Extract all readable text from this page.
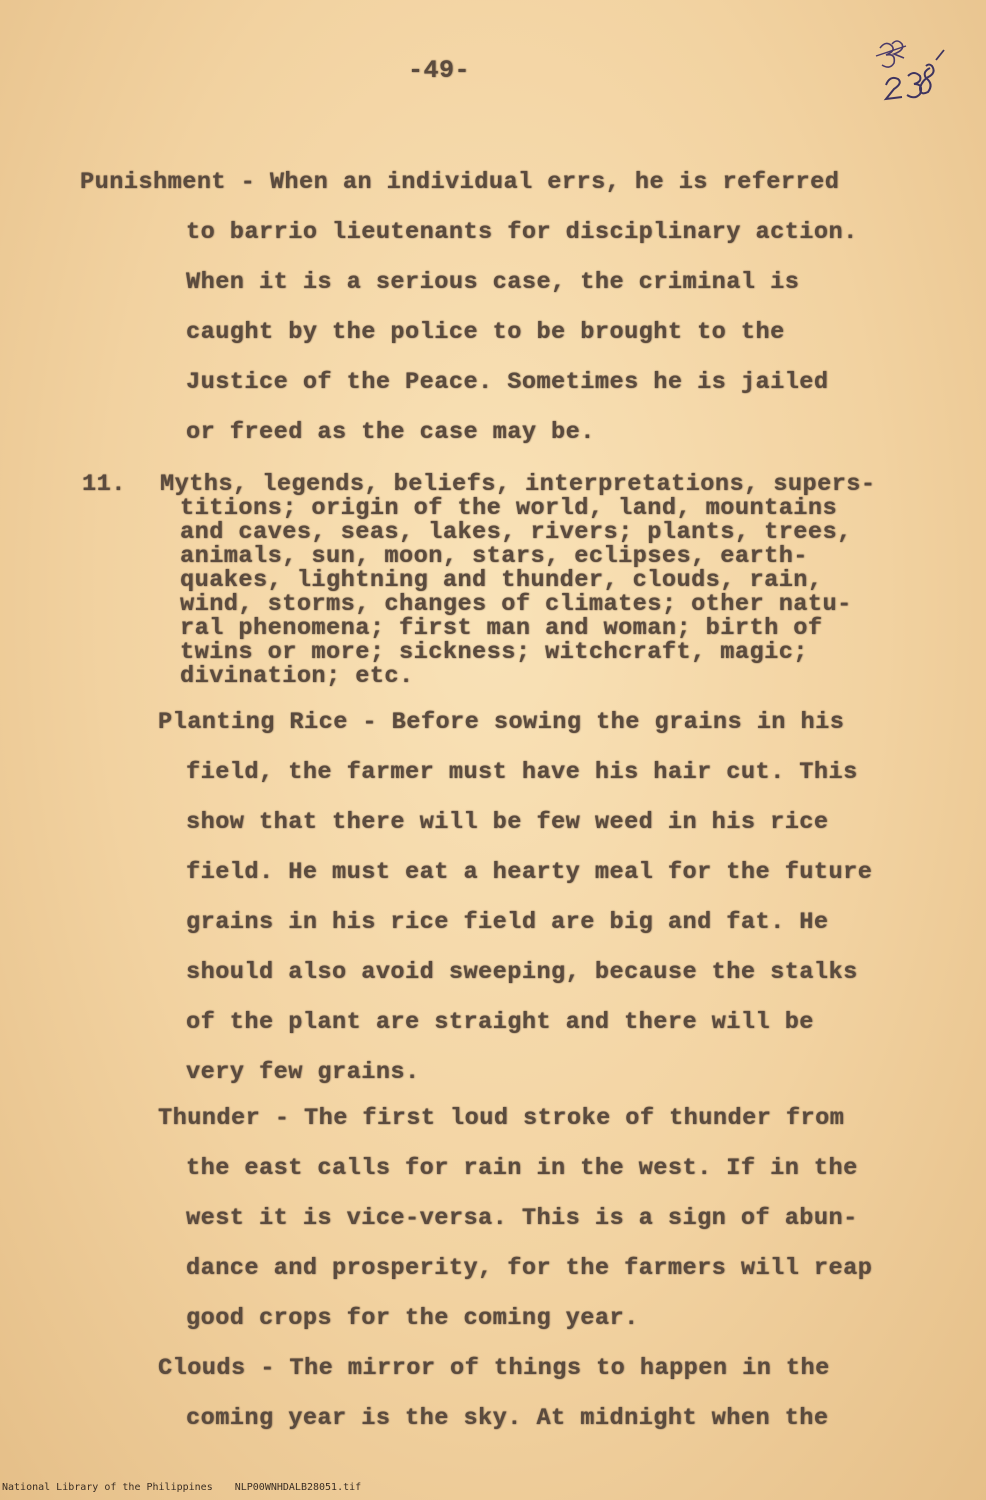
-49-
Punishment - When an individual errs, he is referred
to barrio lieutenants for disciplinary action.
When it is a serious case, the criminal is
caught by the police to be brought to the
Justice of the Peace. Sometimes he is jailed
or freed as the case may be.
11. Myths, legends, beliefs, interpretations, supers-
titions; origin of the world, land, mountains
and caves, seas, lakes, rivers; plants, trees,
animals, sun, moon, stars, eclipses, earth-
quakes, lightning and thunder, clouds, rain,
wind, storms, changes of climates; other natu-
ral phenomena; first man and woman; birth of
twins or more; sickness; witchcraft, magic;
divination; etc.
Planting Rice - Before sowing the grains in his
field, the farmer must have his hair cut. This
show that there will be few weed in his rice
field. He must eat a hearty meal for the future
grains in his rice field are big and fat. He
should also avoid sweeping, because the stalks
of the plant are straight and there will be
very few grains.
Thunder - The first loud stroke of thunder from
the east calls for rain in the west. If in the
west it is vice-versa. This is a sign of abun-
dance and prosperity, for the farmers will reap
good crops for the coming year.
Clouds - The mirror of things to happen in the
coming year is the sky. At midnight when the
National Library of the Philippines NLP00WNHDALB28051.tif
